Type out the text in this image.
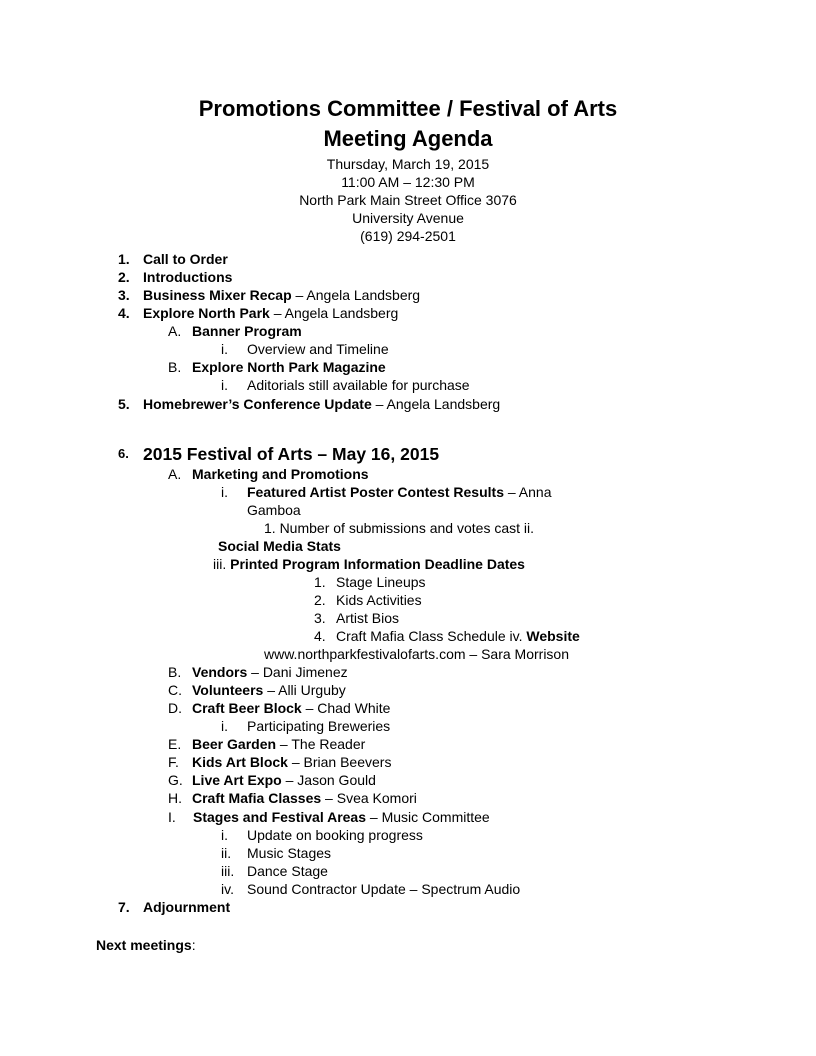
Promotions Committee / Festival of Arts
Meeting Agenda
Thursday, March 19, 2015
11:00 AM – 12:30 PM
North Park Main Street Office 3076
University Avenue
(619) 294-2501
1. Call to Order
2. Introductions
3. Business Mixer Recap – Angela Landsberg
4. Explore North Park – Angela Landsberg
A. Banner Program
i. Overview and Timeline
B. Explore North Park Magazine
i. Aditorials still available for purchase
5. Homebrewer’s Conference Update – Angela Landsberg
6. 2015 Festival of Arts – May 16, 2015
A. Marketing and Promotions
i. Featured Artist Poster Contest Results – Anna
Gamboa
1. Number of submissions and votes cast ii.
Social Media Stats
iii. Printed Program Information Deadline Dates
1. Stage Lineups
2. Kids Activities
3. Artist Bios
4. Craft Mafia Class Schedule iv. Website
www.northparkfestivalofarts.com – Sara Morrison
B. Vendors – Dani Jimenez
C. Volunteers – Alli Urguby
D. Craft Beer Block – Chad White
i. Participating Breweries
E. Beer Garden – The Reader
F. Kids Art Block – Brian Beevers
G. Live Art Expo – Jason Gould
H. Craft Mafia Classes – Svea Komori
I. Stages and Festival Areas – Music Committee
i. Update on booking progress
ii. Music Stages
iii. Dance Stage
iv. Sound Contractor Update – Spectrum Audio
7. Adjournment
Next meetings:
